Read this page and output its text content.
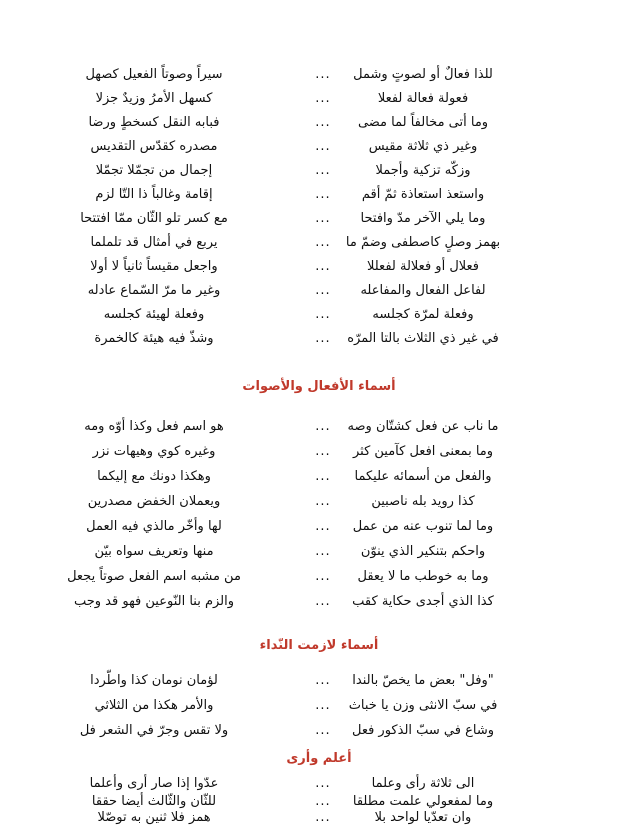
للذا فعالٌ أو لصوتٍ وشمل
...
سيراً وصوتاً الفعيل كصهل
فعولة فعالة لفعلا
...
كسهل الأمرُ وزيدٌ جزلا
وما أتى مخالفاً لما مضى
...
فبابه النقل كسخطٍ ورضا
وغير ذي ثلاثة مقيس
...
مصدره كقدّس التقديس
وزكّه تزكية وأجملا
...
إجمال من تجمّلا تجمّلا
واستعذ استعاذة ثمّ أقم
...
إقامة وغالباً ذا التّا لزم
وما يلي الآخر مدّ وافتحا
...
مع كسر تلو الثّان ممّا افتتحا
بهمز وصلٍ كاصطفى وضمّ ما
...
يربع في أمثال قد تلملما
فعلال أو فعلالة لفعللا
...
واجعل مقيساً ثانياً لا أولا
لفاعل الفعال والمفاعله
...
وغير ما مرّ السّماع عادله
وفعلة لمرّة كجلسه
...
وفعلة لهيئة كجلسه
في غير ذي الثلاث بالتا المرّه
...
وشذّ فيه هيئة كالخمرة
أسماء الأفعال والأصوات
ما ناب عن فعل كشتّان وصه
...
هو اسم فعل وكذا أوّه ومه
وما بمعنى افعل كآمين كثر
...
وغيره كوي وهيهات نزر
والفعل من أسمائه عليكما
...
وهكذا دونك مع إليكما
كذا رويد بله ناصبين
...
ويعملان الخفض مصدرين
وما لما تنوب عنه من عمل
...
لها وأخّر مالذي فيه العمل
واحكم بتنكير الذي ينوّن
...
منها وتعريف سواه بيّن
وما به خوطب ما لا يعقل
...
من مشبه اسم الفعل صوتاً يجعل
كذا الذي أجدى حكاية كقب
...
والزم بنا النّوعين فهو قد وجب
أسماء لازمت النّداء
"وفل" بعض ما يخصّ بالندا
...
لؤمان نومان كذا واطّردا
في سبّ الانثى وزن يا خباث
...
والأمر هكذا من الثلاثي
وشاع في سبّ الذكور فعل
...
ولا تقس وجرّ في الشعر فل
أعلم وأرى
الى ثلاثة رأى وعلما
...
عدّوا إذا صار أرى وأعلما
وما لمفعولي علمت مطلقا
...
للثّان والثّالث أيضا حققا
وان تعدّيا لواحد بلا
...
همز فلا ثنين به توصّلا
